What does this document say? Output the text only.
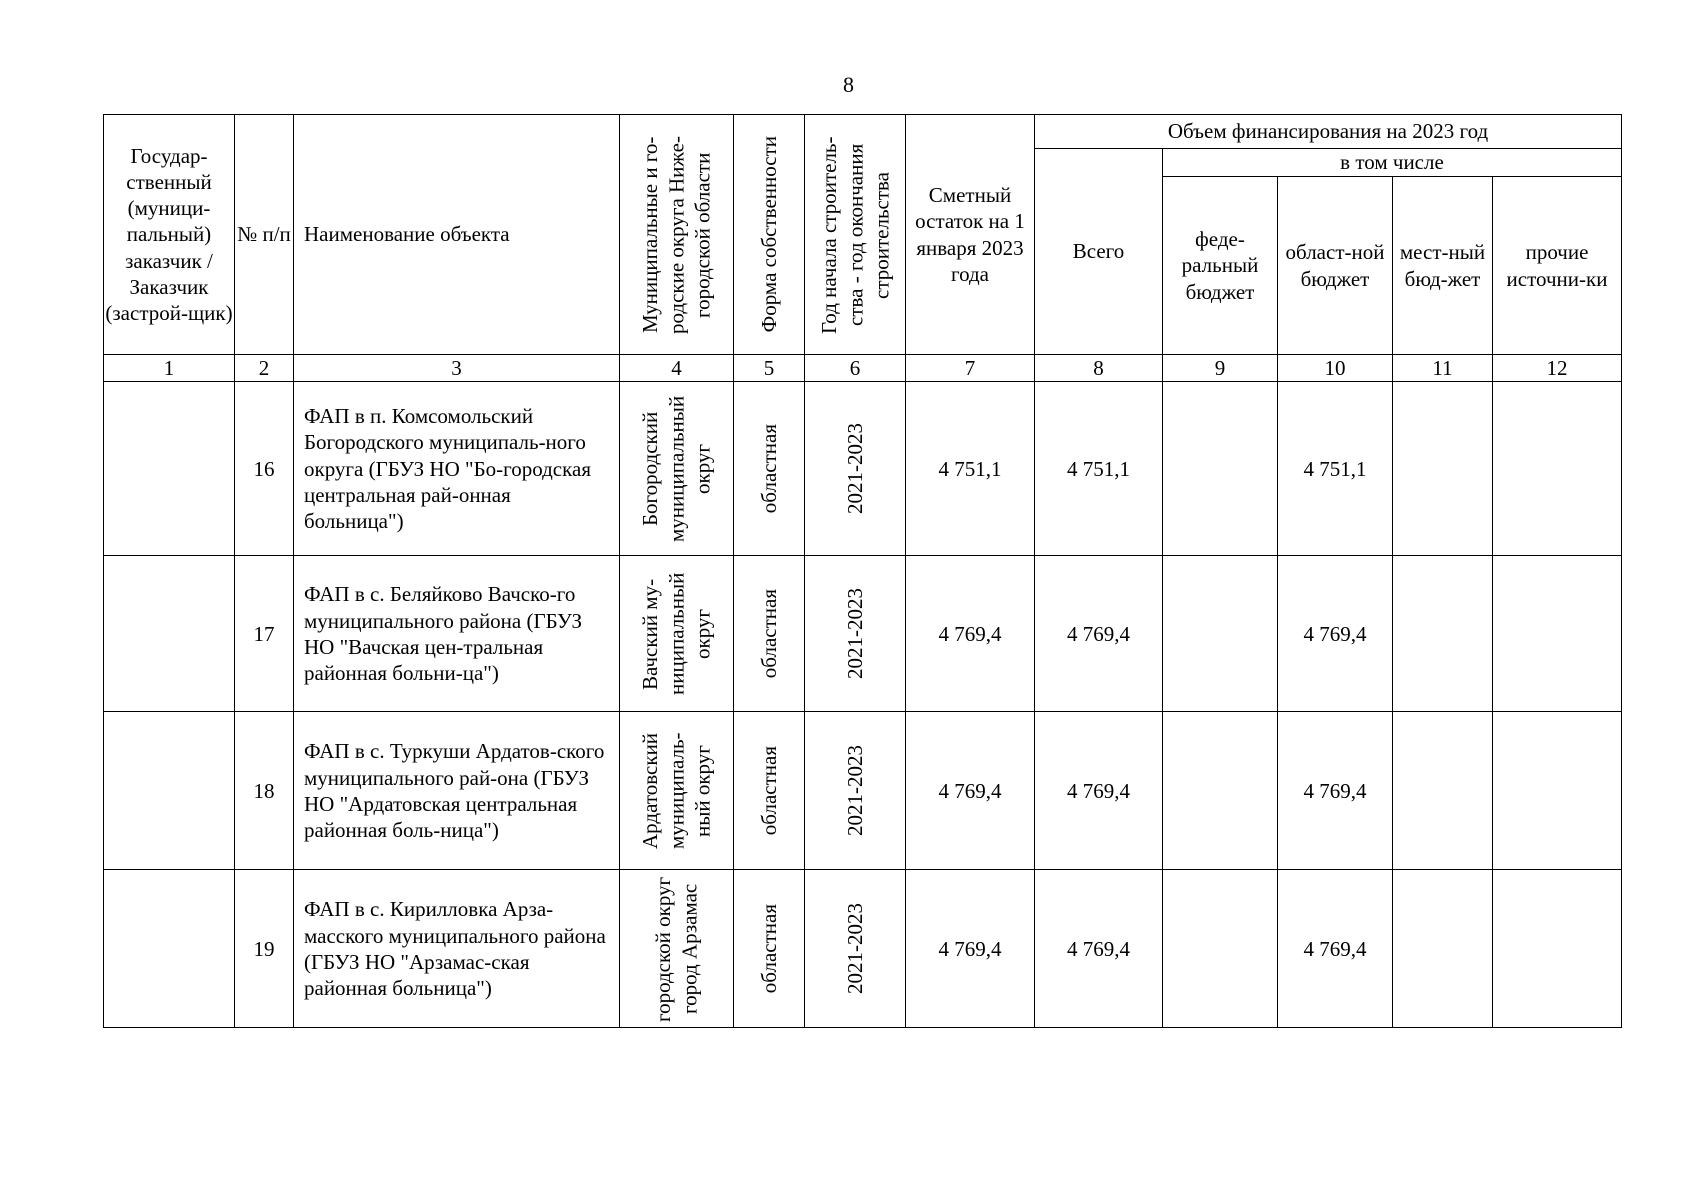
8
Государ-ственный (муници-пальный) заказчик / Заказчик (застрой-щик)	№ п/п	Наименование объекта	Муниципальные и го-родские округа Ниже-городской области	Форма собственности	Год начала строитель-ства - год окончания строительства	Сметный остаток на 1 января 2023 года	Объем финансирования на 2023 год				
							Всего	в том числе			
								феде-ральный бюджет	област-ной бюджет	мест-ный бюд-жет	прочие источни-ки
1	2	3	4	5	6	7	8	9	10	11	12
	16	ФАП в п. Комсомольский Богородского муниципаль-ного округа (ГБУЗ НО "Бо-городская центральная рай-онная больница")	Богородский муниципальный округ	областная	2021-2023	4 751,1	4 751,1		4 751,1		
	17	ФАП в с. Беляйково Вачско-го муниципального района (ГБУЗ НО "Вачская цен-тральная районная больни-ца")	Вачский му-ниципальный округ	областная	2021-2023	4 769,4	4 769,4		4 769,4		
	18	ФАП в с. Туркуши Ардатов-ского муниципального рай-она (ГБУЗ НО "Ардатовская центральная районная боль-ница")	Ардатовский муниципаль-ный округ	областная	2021-2023	4 769,4	4 769,4		4 769,4		
	19	ФАП в с. Кирилловка Арза-масского муниципального района (ГБУЗ НО "Арзамас-ская районная больница")	городской округ город Арзамас	областная	2021-2023	4 769,4	4 769,4		4 769,4		
